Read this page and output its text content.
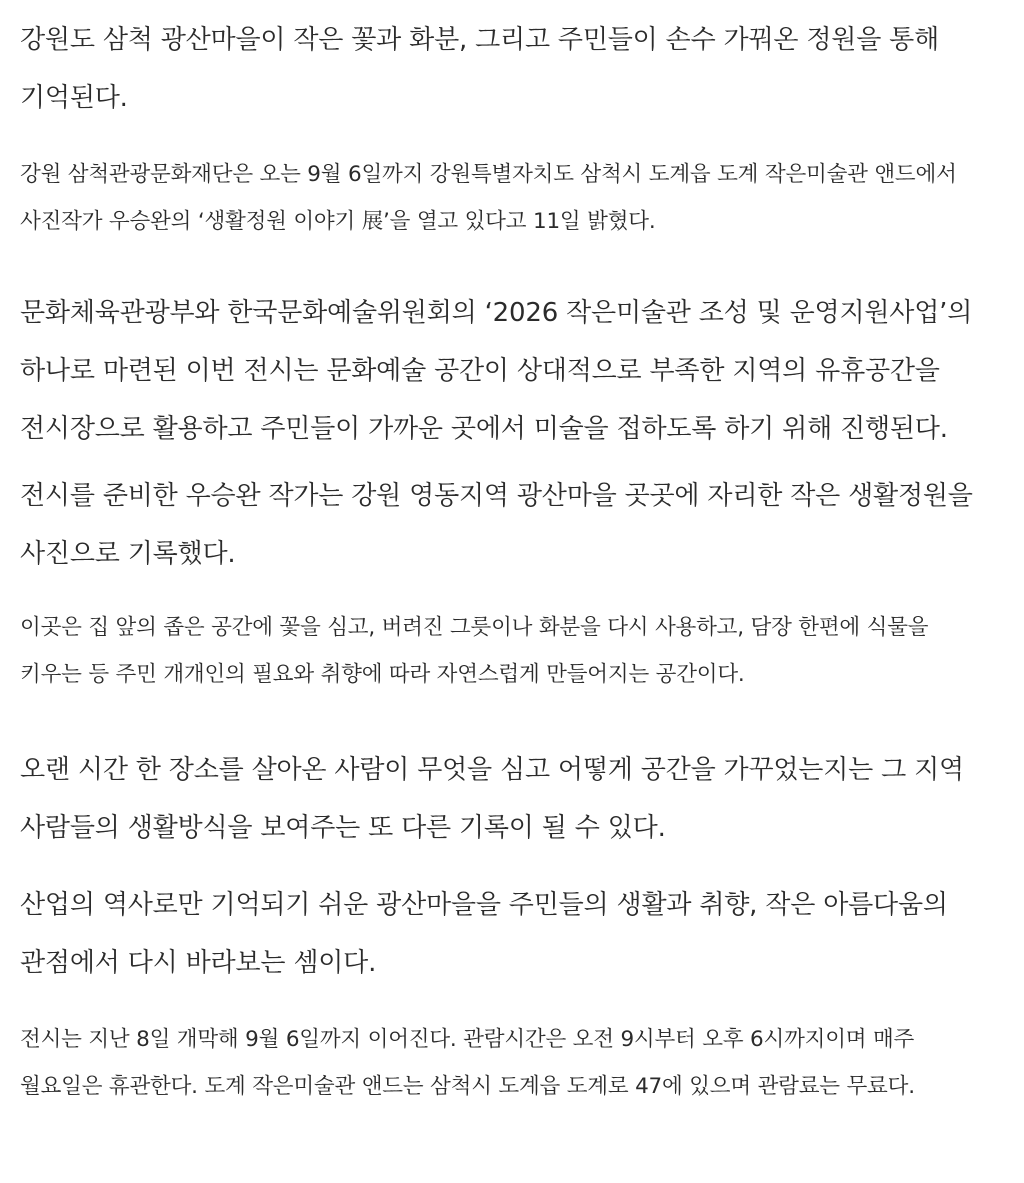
강원도 삼척 광산마을이 작은 꽃과 화분, 그리고 주민들이 손수 가꿔온 정원을 통해 기억된다.

강원 삼척관광문화재단은 오는 9월 6일까지 강원특별자치도 삼척시 도계읍 도계 작은미술관 앤드에서 사진작가 우승완의 ‘생활정원 이야기 展’을 열고 있다고 11일 밝혔다.

문화체육관광부와 한국문화예술위원회의 ‘2026 작은미술관 조성 및 운영지원사업’의 하나로 마련된 이번 전시는 문화예술 공간이 상대적으로 부족한 지역의 유휴공간을 전시장으로 활용하고 주민들이 가까운 곳에서 미술을 접하도록 하기 위해 진행된다.

전시를 준비한 우승완 작가는 강원 영동지역 광산마을 곳곳에 자리한 작은 생활정원을 사진으로 기록했다.

이곳은 집 앞의 좁은 공간에 꽃을 심고, 버려진 그릇이나 화분을 다시 사용하고, 담장 한편에 식물을 키우는 등 주민 개개인의 필요와 취향에 따라 자연스럽게 만들어지는 공간이다.

오랜 시간 한 장소를 살아온 사람이 무엇을 심고 어떻게 공간을 가꾸었는지는 그 지역 사람들의 생활방식을 보여주는 또 다른 기록이 될 수 있다.

산업의 역사로만 기억되기 쉬운 광산마을을 주민들의 생활과 취향, 작은 아름다움의 관점에서 다시 바라보는 셈이다.

전시는 지난 8일 개막해 9월 6일까지 이어진다. 관람시간은 오전 9시부터 오후 6시까지이며 매주 월요일은 휴관한다. 도계 작은미술관 앤드는 삼척시 도계읍 도계로 47에 있으며 관람료는 무료다.
